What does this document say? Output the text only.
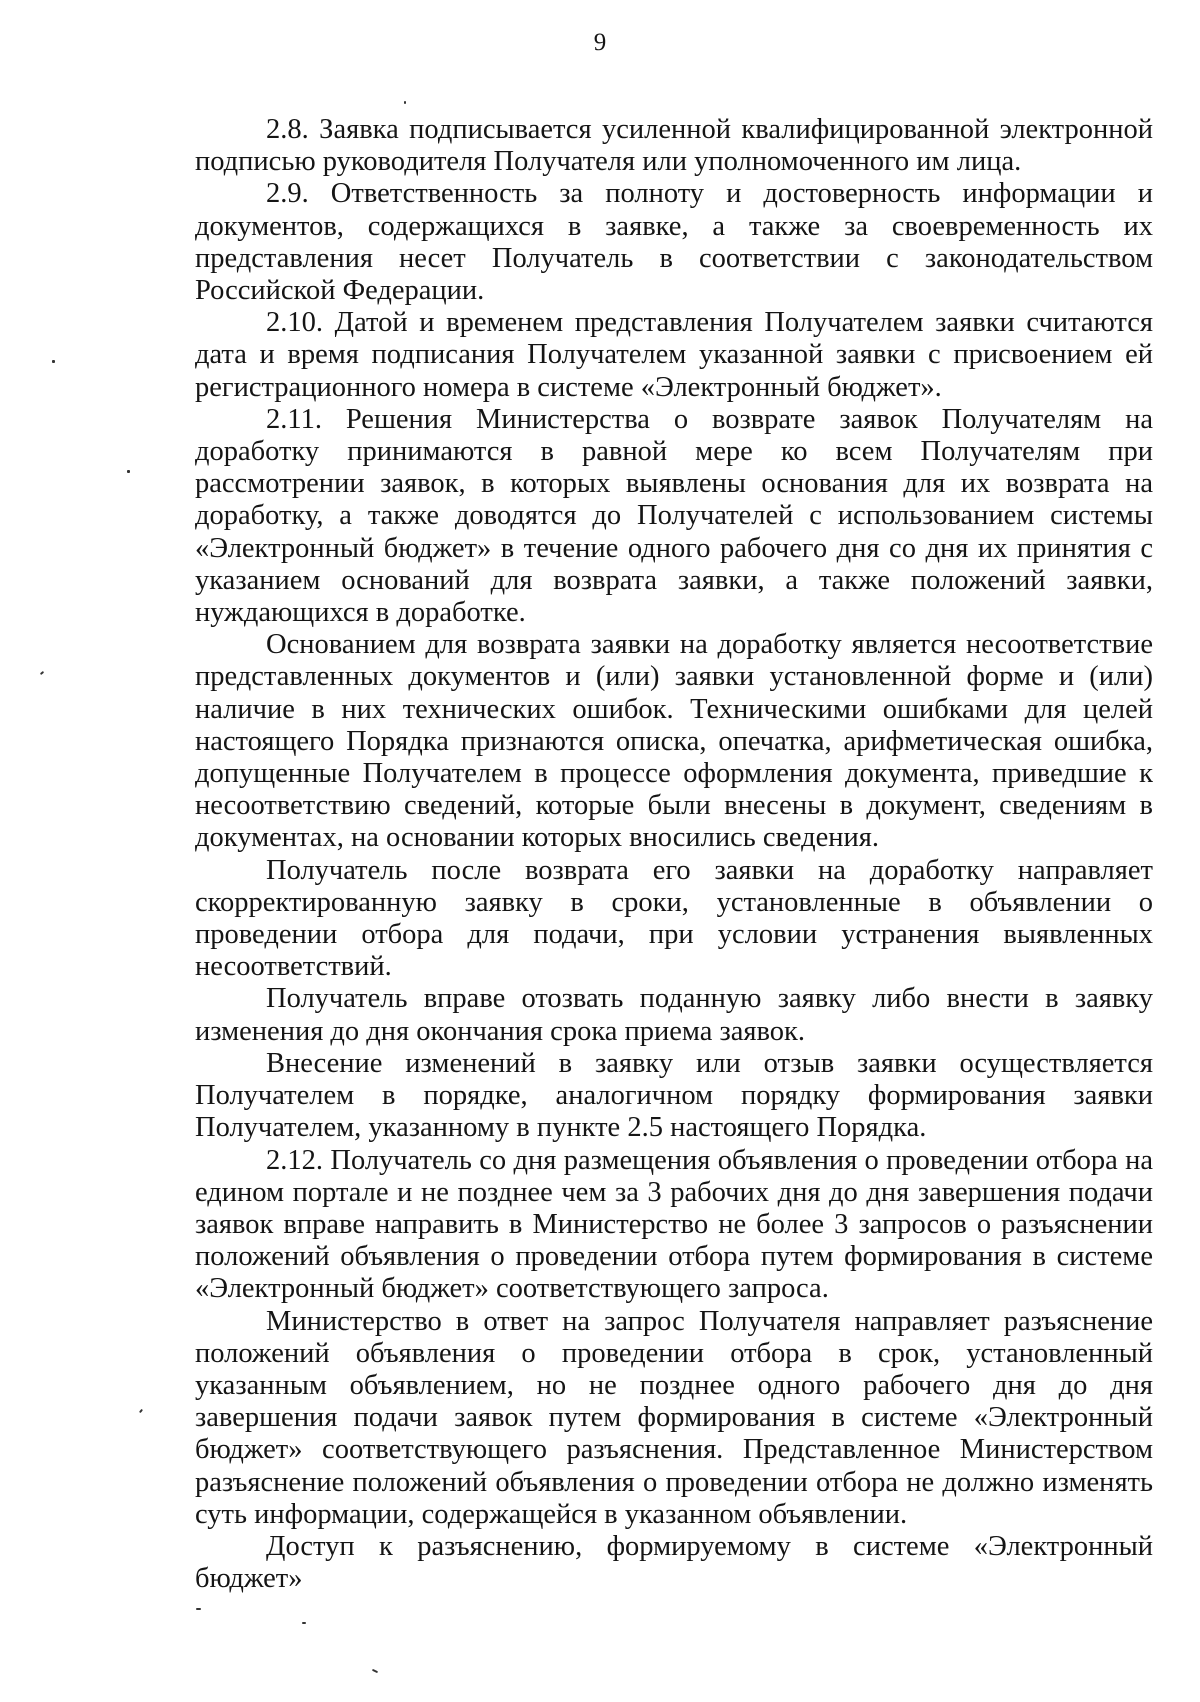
9

2.8. Заявка подписывается усиленной квалифицированной электронной подписью руководителя Получателя или уполномоченного им лица.

2.9. Ответственность за полноту и достоверность информации и документов, содержащихся в заявке, а также за своевременность их представления несет Получатель в соответствии с законодательством Российской Федерации.

2.10. Датой и временем представления Получателем заявки считаются дата и время подписания Получателем указанной заявки с присвоением ей регистрационного номера в системе «Электронный бюджет».

2.11. Решения Министерства о возврате заявок Получателям на доработку принимаются в равной мере ко всем Получателям при рассмотрении заявок, в которых выявлены основания для их возврата на доработку, а также доводятся до Получателей с использованием системы «Электронный бюджет» в течение одного рабочего дня со дня их принятия с указанием оснований для возврата заявки, а также положений заявки, нуждающихся в доработке.

Основанием для возврата заявки на доработку является несоответствие представленных документов и (или) заявки установленной форме и (или) наличие в них технических ошибок. Техническими ошибками для целей настоящего Порядка признаются описка, опечатка, арифметическая ошибка, допущенные Получателем в процессе оформления документа, приведшие к несоответствию сведений, которые были внесены в документ, сведениям в документах, на основании которых вносились сведения.

Получатель после возврата его заявки на доработку направляет скорректированную заявку в сроки, установленные в объявлении о проведении отбора для подачи, при условии устранения выявленных несоответствий.

Получатель вправе отозвать поданную заявку либо внести в заявку изменения до дня окончания срока приема заявок.

Внесение изменений в заявку или отзыв заявки осуществляется Получателем в порядке, аналогичном порядку формирования заявки Получателем, указанному в пункте 2.5 настоящего Порядка.

2.12. Получатель со дня размещения объявления о проведении отбора на едином портале и не позднее чем за 3 рабочих дня до дня завершения подачи заявок вправе направить в Министерство не более 3 запросов о разъяснении положений объявления о проведении отбора путем формирования в системе «Электронный бюджет» соответствующего запроса.

Министерство в ответ на запрос Получателя направляет разъяснение положений объявления о проведении отбора в срок, установленный указанным объявлением, но не позднее одного рабочего дня до дня завершения подачи заявок путем формирования в системе «Электронный бюджет» соответствующего разъяснения. Представленное Министерством разъяснение положений объявления о проведении отбора не должно изменять суть информации, содержащейся в указанном объявлении.

Доступ к разъяснению, формируемому в системе «Электронный бюджет»
